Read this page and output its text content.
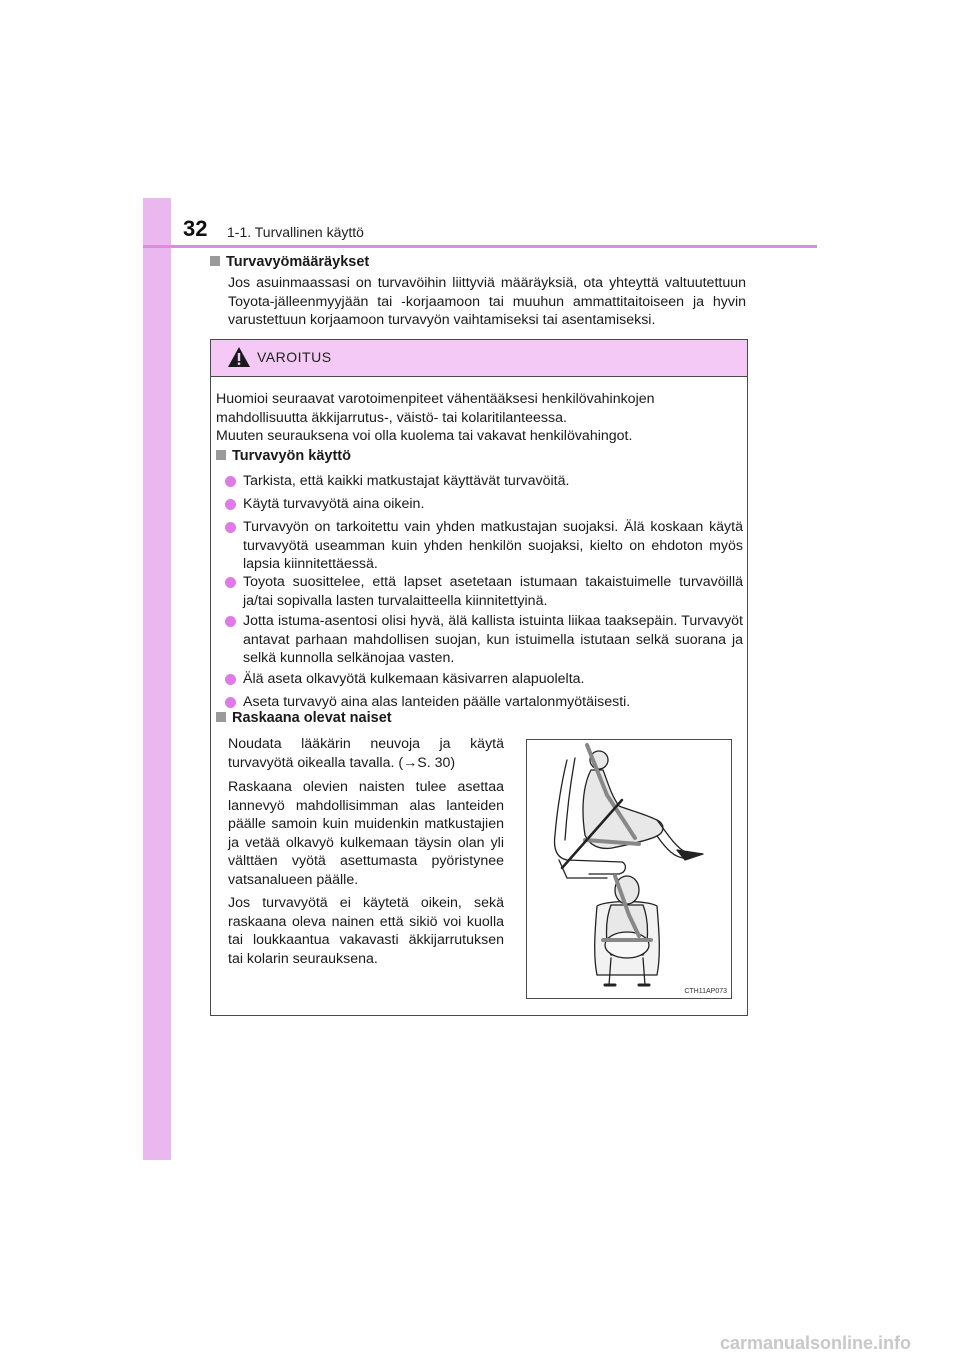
32 1-1. Turvallinen käyttö
Turvavyömääräykset
Jos asuinmaassasi on turvavöihin liittyviä määräyksiä, ota yhteyttä valtuutettuun Toyota-jälleenmyyjään tai -korjaamoon tai muuhun ammattitaitoiseen ja hyvin varustettuun korjaamoon turvavyön vaihtamiseksi tai asentamiseksi.
VAROITUS
Huomioi seuraavat varotoimenpiteet vähentääksesi henkilövahinkojen mahdollisuutta äkkijarrutus-, väistö- tai kolaritilanteessa.
Muuten seurauksena voi olla kuolema tai vakavat henkilövahingot.
Turvavyön käyttö
Tarkista, että kaikki matkustajat käyttävät turvavöitä.
Käytä turvavyötä aina oikein.
Turvavyön on tarkoitettu vain yhden matkustajan suojaksi. Älä koskaan käytä turvavyötä useamman kuin yhden henkilön suojaksi, kielto on ehdoton myös lapsia kiinnitettäessä.
Toyota suosittelee, että lapset asetetaan istumaan takaistuimelle turvavöillä ja/tai sopivalla lasten turvalaitteella kiinnitettyinä.
Jotta istuma-asentosi olisi hyvä, älä kallista istuinta liikaa taaksepäin. Turvavyöt antavat parhaan mahdollisen suojan, kun istuimella istutaan selkä suorana ja selkä kunnolla selkänojaa vasten.
Älä aseta olkavyötä kulkemaan käsivarren alapuolelta.
Aseta turvavyö aina alas lanteiden päälle vartalonmyötäisesti.
Raskaana olevat naiset
Noudata lääkärin neuvoja ja käytä turvavyötä oikealla tavalla. (→S. 30)
Raskaana olevien naisten tulee asettaa lannevyö mahdollisimman alas lanteiden päälle samoin kuin muidenkin matkustajien ja vetää olkavyö kulkemaan täysin olan yli välttäen vyötä asettumasta pyöristynee vatsanalueen päälle.
Jos turvavyötä ei käytetä oikein, sekä raskaana oleva nainen että sikiö voi kuolla tai loukkaantua vakavasti äkkijarrutuksen tai kolarin seurauksena.
CTH11AP073
carmanualsonline.info
